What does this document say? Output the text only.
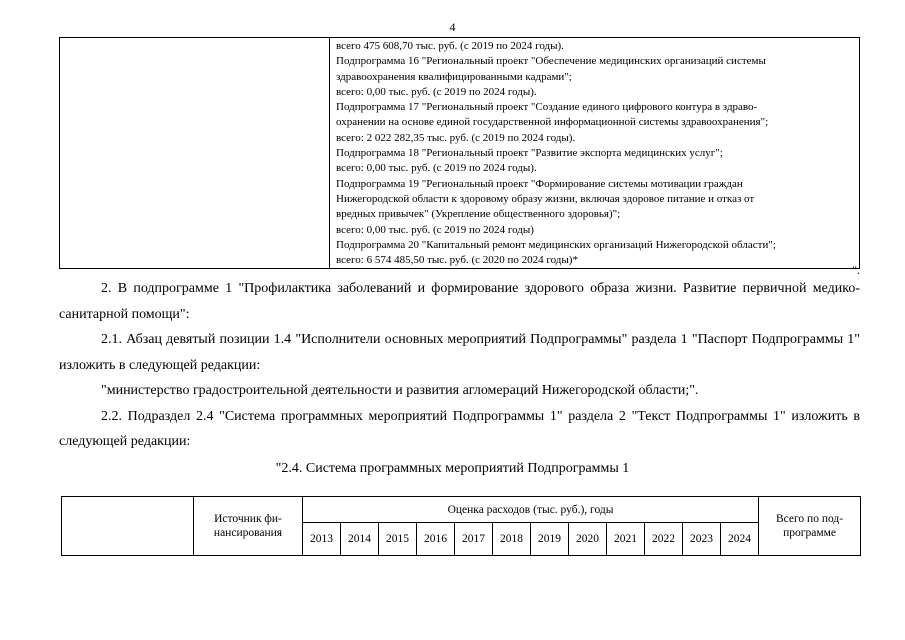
4

всего 475 608,70 тыс. руб. (с 2019 по 2024 годы).
Подпрограмма 16 "Региональный проект "Обеспечение медицинских организаций системы
здравоохранения квалифицированными кадрами";
всего: 0,00 тыс. руб. (с 2019 по 2024 годы).
Подпрограмма 17 "Региональный проект "Создание единого цифрового контура в здраво-
охранении на основе единой государственной информационной системы здравоохранения";
всего: 2 022 282,35 тыс. руб. (с 2019 по 2024 годы).
Подпрограмма 18 "Региональный проект "Развитие экспорта медицинских услуг";
всего: 0,00 тыс. руб. (с 2019 по 2024 годы).
Подпрограмма 19 "Региональный проект "Формирование системы мотивации граждан
Нижегородской области к здоровому образу жизни, включая здоровое питание и отказ от
вредных привычек" (Укрепление общественного здоровья)";
всего: 0,00 тыс. руб. (с 2019 по 2024 годы)
Подпрограмма 20 "Капитальный ремонт медицинских организаций Нижегородской области";
всего: 6 574 485,50 тыс. руб. (с 2020 по 2024 годы)*
".

2. В подпрограмме 1 "Профилактика заболеваний и формирование здорового образа жизни. Развитие первичной медико-санитарной помощи":

2.1. Абзац девятый позиции 1.4 "Исполнители основных мероприятий Подпрограммы" раздела 1 "Паспорт Подпрограммы 1" изложить в следующей редакции:

"министерство градостроительной деятельности и развития агломераций Нижегородской области;".

2.2. Подраздел 2.4 "Система программных мероприятий Подпрограммы 1" раздела 2 "Текст Подпрограммы 1" изложить в следующей редакции:

"2.4. Система программных мероприятий Подпрограммы 1
	Источник фи-нансирования	Оценка расходов (тыс. руб.), годы												Всего по под-программе
		2013	2014	2015	2016	2017	2018	2019	2020	2021	2022	2023	2024	
